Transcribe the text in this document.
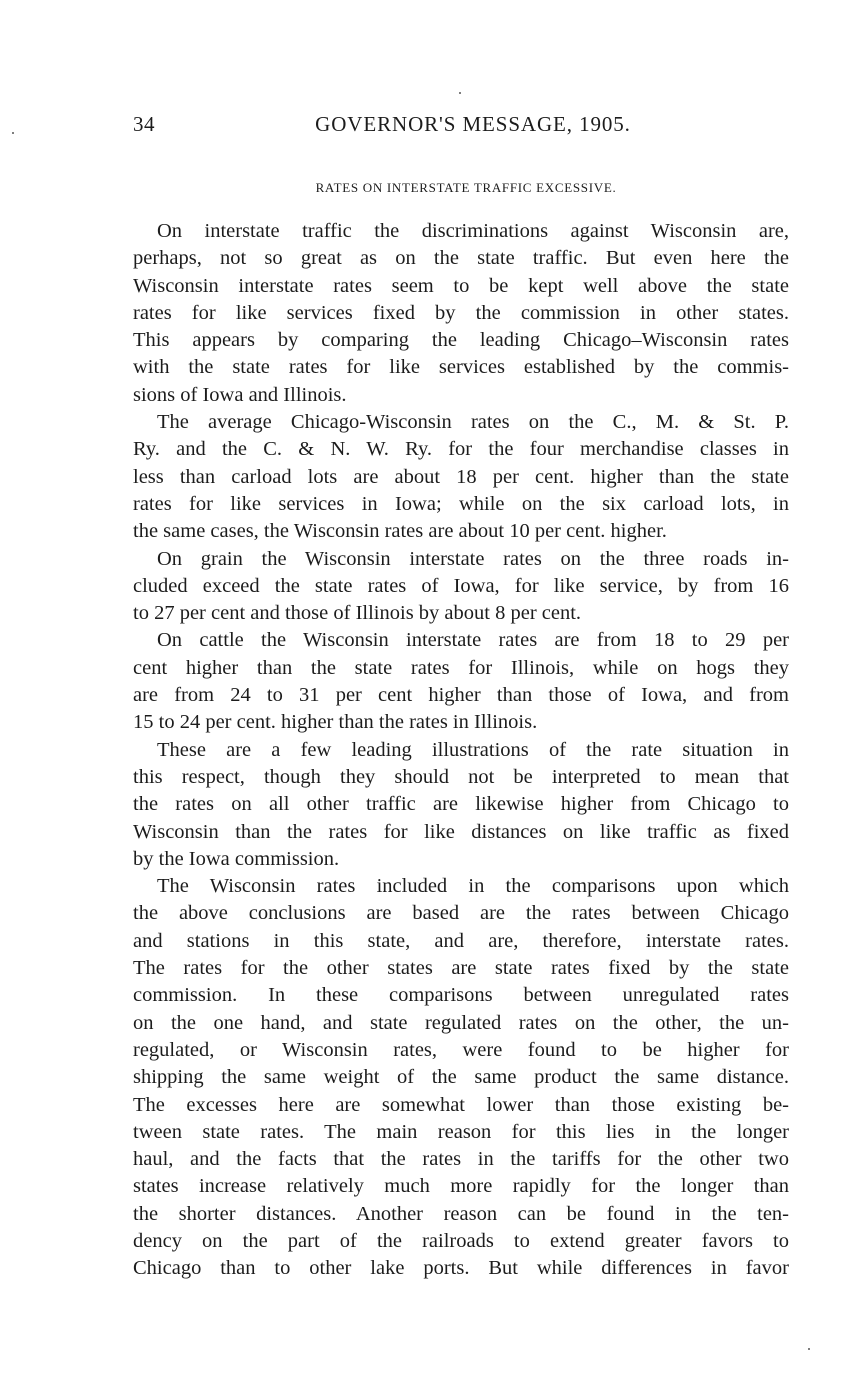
34	GOVERNOR'S MESSAGE, 1905.
RATES ON INTERSTATE TRAFFIC EXCESSIVE.
On interstate traffic the discriminations against Wisconsin are,
perhaps, not so great as on the state traffic. But even here the
Wisconsin interstate rates seem to be kept well above the state
rates for like services fixed by the commission in other states.
This appears by comparing the leading Chicago–Wisconsin rates
with the state rates for like services established by the commis-
sions of Iowa and Illinois.
The average Chicago-Wisconsin rates on the C., M. & St. P.
Ry. and the C. & N. W. Ry. for the four merchandise classes in
less than carload lots are about 18 per cent. higher than the state
rates for like services in Iowa; while on the six carload lots, in
the same cases, the Wisconsin rates are about 10 per cent. higher.
On grain the Wisconsin interstate rates on the three roads in-
cluded exceed the state rates of Iowa, for like service, by from 16
to 27 per cent and those of Illinois by about 8 per cent.
On cattle the Wisconsin interstate rates are from 18 to 29 per
cent higher than the state rates for Illinois, while on hogs they
are from 24 to 31 per cent higher than those of Iowa, and from
15 to 24 per cent. higher than the rates in Illinois.
These are a few leading illustrations of the rate situation in
this respect, though they should not be interpreted to mean that
the rates on all other traffic are likewise higher from Chicago to
Wisconsin than the rates for like distances on like traffic as fixed
by the Iowa commission.
The Wisconsin rates included in the comparisons upon which
the above conclusions are based are the rates between Chicago
and stations in this state, and are, therefore, interstate rates.
The rates for the other states are state rates fixed by the state
commission. In these comparisons between unregulated rates
on the one hand, and state regulated rates on the other, the un-
regulated, or Wisconsin rates, were found to be higher for
shipping the same weight of the same product the same distance.
The excesses here are somewhat lower than those existing be-
tween state rates. The main reason for this lies in the longer
haul, and the facts that the rates in the tariffs for the other two
states increase relatively much more rapidly for the longer than
the shorter distances. Another reason can be found in the ten-
dency on the part of the railroads to extend greater favors to
Chicago than to other lake ports. But while differences in favor
